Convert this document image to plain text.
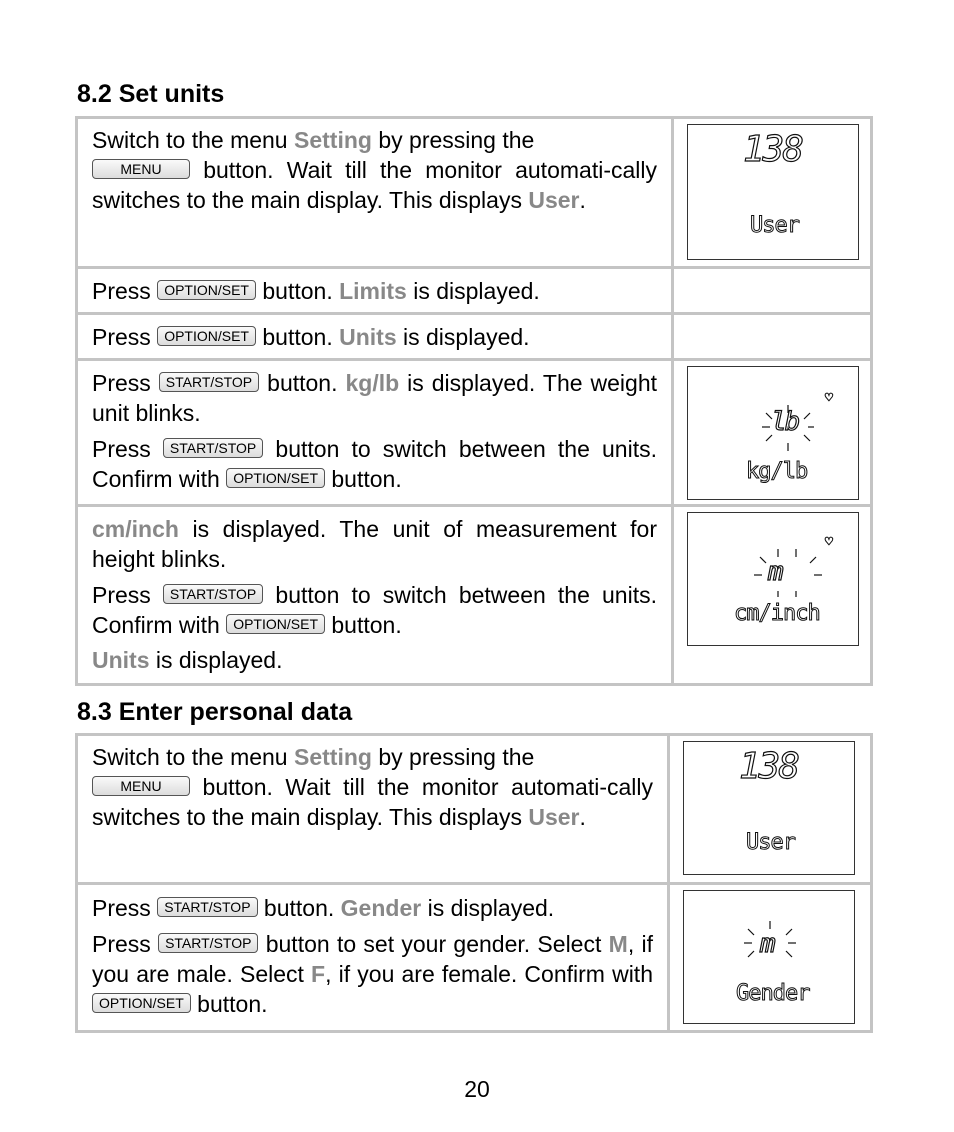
8.2 Set units
Switch to the menu Setting by pressing the
MENU button. Wait till the monitor automati-cally switches to the main display. This displays User.
138
User
Press OPTION/SET button. Limits is displayed.
Press OPTION/SET button. Units is displayed.

Press START/STOP button. kg/lb is displayed. The weight unit blinks.

Press START/STOP button to switch between the units. Confirm with OPTION/SET button.

♡
lb
kg/lb

cm/inch is displayed. The unit of measurement for height blinks.

Press START/STOP button to switch between the units. Confirm with OPTION/SET button.

Units is displayed.

♡
m
cm/inch
8.3 Enter personal data
Switch to the menu Setting by pressing the
MENU button. Wait till the monitor automati-cally switches to the main display. This displays User.
138
User

Press START/STOP button. Gender is displayed.

Press START/STOP button to set your gender. Select M, if you are male. Select F, if you are female. Confirm with OPTION/SET button.

m
Gender
20
